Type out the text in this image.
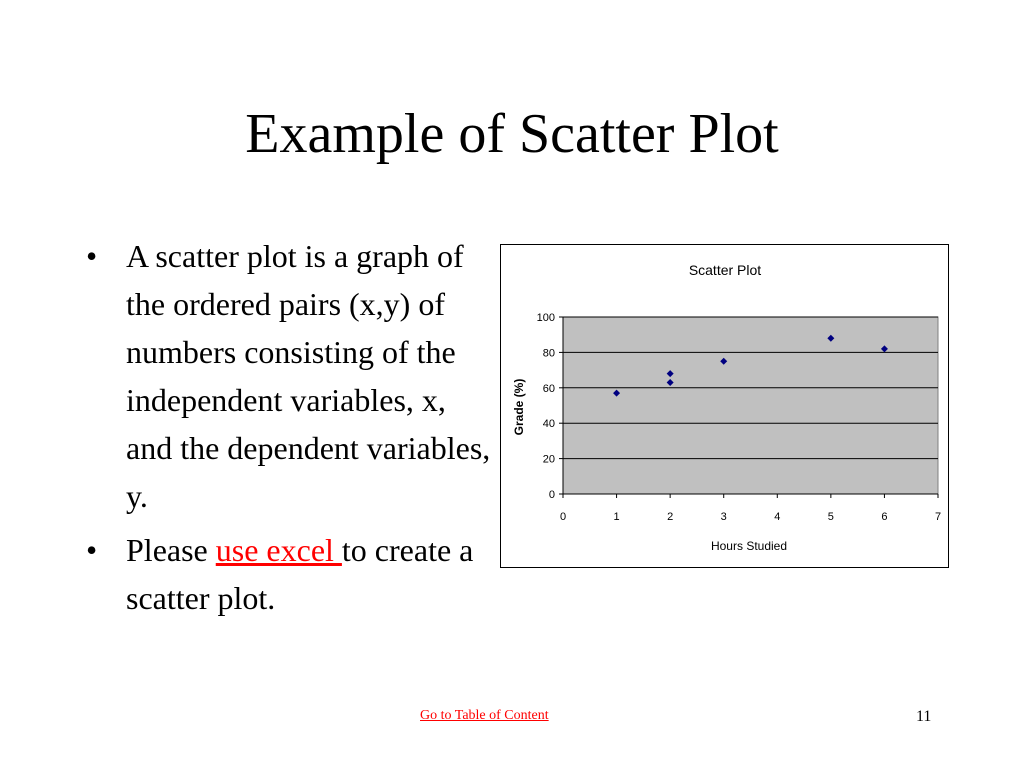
Example of Scatter Plot
• A scatter plot is a graph of the ordered pairs (x,y) of numbers consisting of the independent variables, x, and the dependent variables, y.
• Please use excel to create a scatter plot.
Scatter Plot
0
20
40
60
80
100
0	1	2	3	4	5	6	7
Hours Studied
Grade (%)
Go to Table of Content	11
